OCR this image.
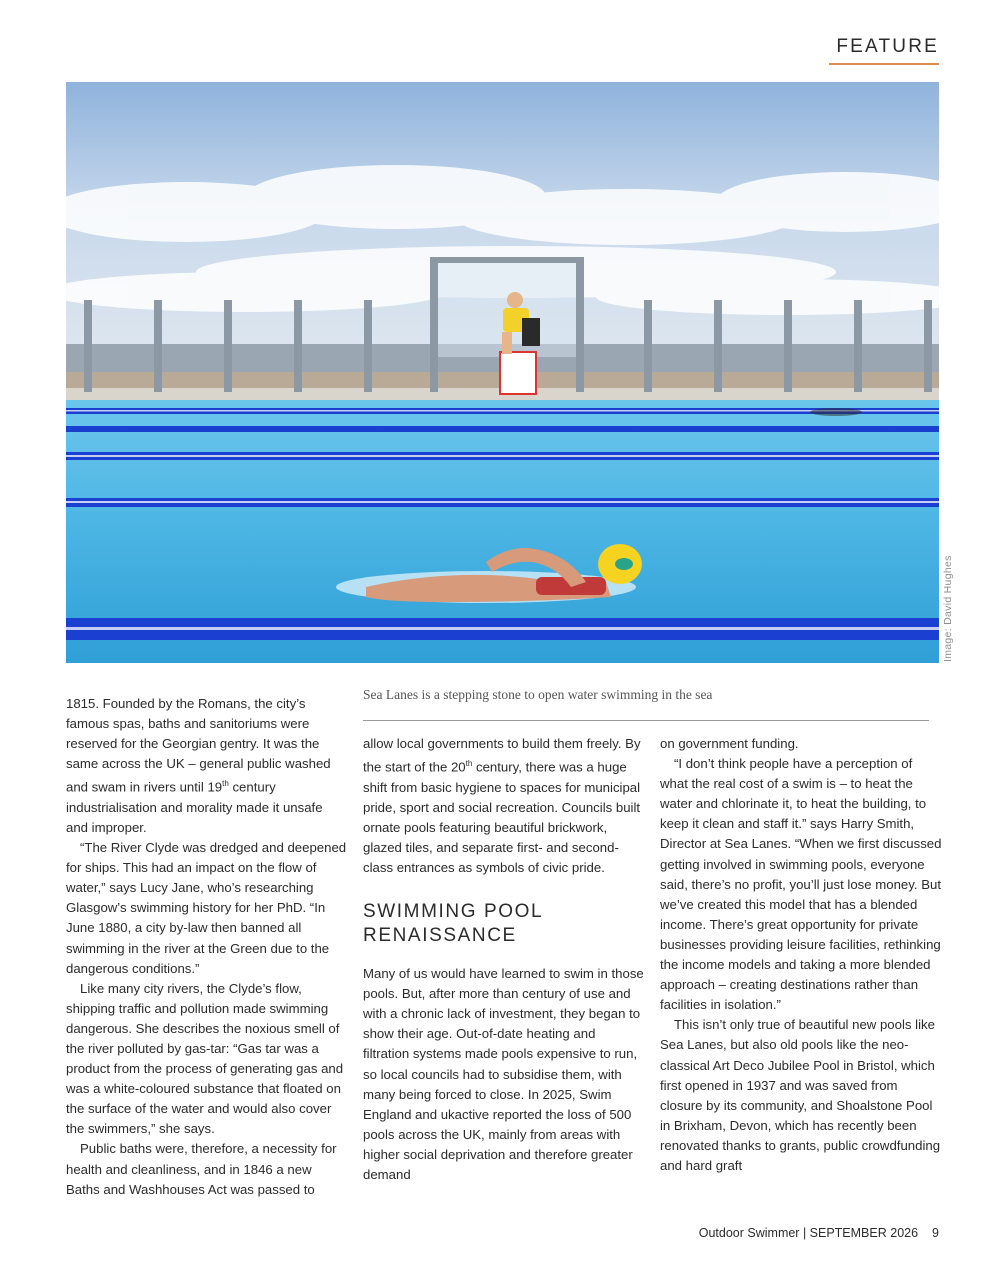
FEATURE
Image: David Hughes
Sea Lanes is a stepping stone to open water swimming in the sea

1815. Founded by the Romans, the city’s famous spas, baths and sanitoriums were reserved for the Georgian gentry. It was the same across the UK – general public washed and swam in rivers until 19th century industrialisation and morality made it unsafe and improper.

“The River Clyde was dredged and deepened for ships. This had an impact on the flow of water,” says Lucy Jane, who’s researching Glasgow’s swimming history for her PhD. “In June 1880, a city by-law then banned all swimming in the river at the Green due to the dangerous conditions.”

Like many city rivers, the Clyde’s flow, shipping traffic and pollution made swimming dangerous. She describes the noxious smell of the river polluted by gas-tar: “Gas tar was a product from the process of generating gas and was a white-coloured substance that floated on the surface of the water and would also cover the swimmers,” she says.

Public baths were, therefore, a necessity for health and cleanliness, and in 1846 a new Baths and Washhouses Act was passed to

allow local governments to build them freely. By the start of the 20th century, there was a huge shift from basic hygiene to spaces for municipal pride, sport and social recreation. Councils built ornate pools featuring beautiful brickwork, glazed tiles, and separate first- and second-class entrances as symbols of civic pride.

SWIMMING POOL
RENAISSANCE

Many of us would have learned to swim in those pools. But, after more than century of use and with a chronic lack of investment, they began to show their age. Out-of-date heating and filtration systems made pools expensive to run, so local councils had to subsidise them, with many being forced to close. In 2025, Swim England and ukactive reported the loss of 500 pools across the UK, mainly from areas with higher social deprivation and therefore greater demand

on government funding.

“I don’t think people have a perception of what the real cost of a swim is – to heat the water and chlorinate it, to heat the building, to keep it clean and staff it.” says Harry Smith, Director at Sea Lanes. “When we first discussed getting involved in swimming pools, everyone said, there’s no profit, you’ll just lose money. But we’ve created this model that has a blended income. There’s great opportunity for private businesses providing leisure facilities, rethinking the income models and taking a more blended approach – creating destinations rather than facilities in isolation.”

This isn’t only true of beautiful new pools like Sea Lanes, but also old pools like the neo-classical Art Deco Jubilee Pool in Bristol, which first opened in 1937 and was saved from closure by its community, and Shoalstone Pool in Brixham, Devon, which has recently been renovated thanks to grants, public crowdfunding and hard graft

Outdoor Swimmer | SEPTEMBER 2026 9
